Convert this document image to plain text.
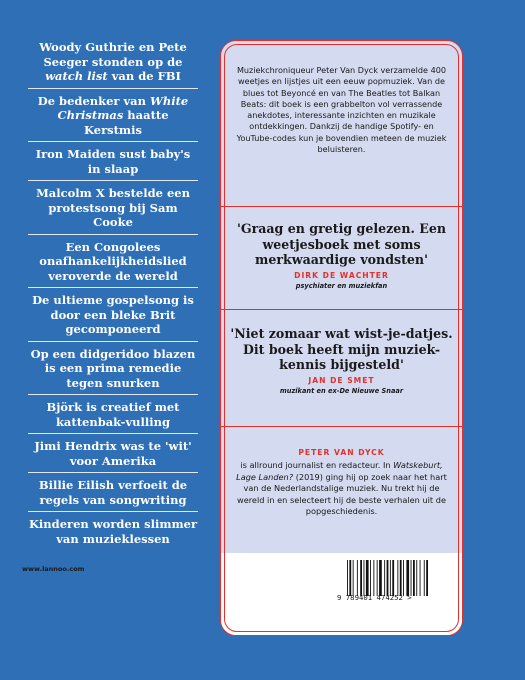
Woody Guthrie en Pete Seeger stonden op de watch list van de FBI
De bedenker van White Christmas haatte Kerstmis
Iron Maiden sust baby's in slaap
Malcolm X bestelde een protestsong bij Sam Cooke
Een Congolees onafhankelijkheidslied veroverde de wereld
De ultieme gospelsong is door een bleke Brit gecomponeerd
Op een didgeridoo blazen is een prima remedie tegen snurken
Björk is creatief met kattenbak-vulling
Jimi Hendrix was te 'wit' voor Amerika
Billie Eilish verfoeit de regels van songwriting
Kinderen worden slimmer van muzieklessen
Muziekchroniqueur Peter Van Dyck verzamelde 400 weetjes en lijstjes uit een eeuw popmuziek. Van de blues tot Beyoncé en van The Beatles tot Balkan Beats: dit boek is een grabbelton vol verrassende anekdotes, interessante inzichten en muzikale ontdekkingen. Dankzij de handige Spotify- en YouTube-codes kun je bovendien meteen de muziek beluisteren.
'Graag en gretig gelezen. Een weetjesboek met soms merkwaardige vondsten'
DIRK DE WACHTER
psychiater en muziekfan
'Niet zomaar wat wist-je-datjes. Dit boek heeft mijn muziek-kennis bijgesteld'
JAN DE SMET
muzikant en ex-De Nieuwe Snaar
PETER VAN DYCK
is allround journalist en redacteur. In Watskeburt, Lage Landen? (2019) ging hij op zoek naar het hart van de Nederlandstalige muziek. Nu trekt hij de wereld in en selecteert hij de beste verhalen uit de popgeschiedenis.
www.lannoo.com
9 789401 474252 >
